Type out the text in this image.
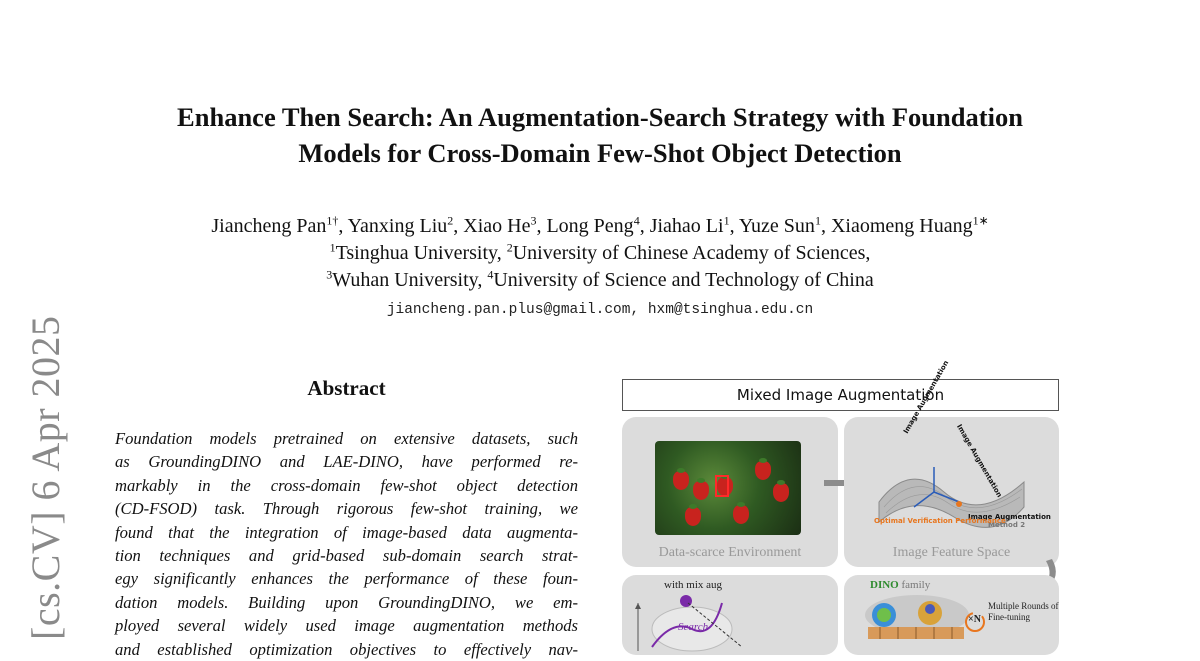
[cs.CV] 6 Apr 2025
Enhance Then Search: An Augmentation-Search Strategy with Foundation
Models for Cross-Domain Few-Shot Object Detection
Jiancheng Pan$^{1\dagger}$, Yanxing Liu$^2$, Xiao He$^3$, Long Peng$^4$, Jiahao Li$^1$, Yuze Sun$^1$, Xiaomeng Huang$^{1∗}$
$^1$Tsinghua University, $^2$University of Chinese Academy of Sciences,
$^3$Wuhan University, $^4$University of Science and Technology of China
jiancheng.pan.plus@gmail.com, hxm@tsinghua.edu.cn
Abstract
Foundation models pretrained on extensive datasets, such
as GroundingDINO and LAE-DINO, have performed re-
markably in the cross-domain few-shot object detection
(CD-FSOD) task. Through rigorous few-shot training, we
found that the integration of image-based data augmenta-
tion techniques and grid-based sub-domain search strat-
egy significantly enhances the performance of these foun-
dation models. Building upon GroundingDINO, we em-
ployed several widely used image augmentation methods
and established optimization objectives to effectively nav-
Mixed Image Augmentation
Data-scarce Environment
Image Augmentation
Image Augmentation
Image Augmentation
Method 2
Optimal Verification Performance
Image Feature Space
with mix aug
Search
DINO family
×N
Multiple Rounds of Fine-tuning
